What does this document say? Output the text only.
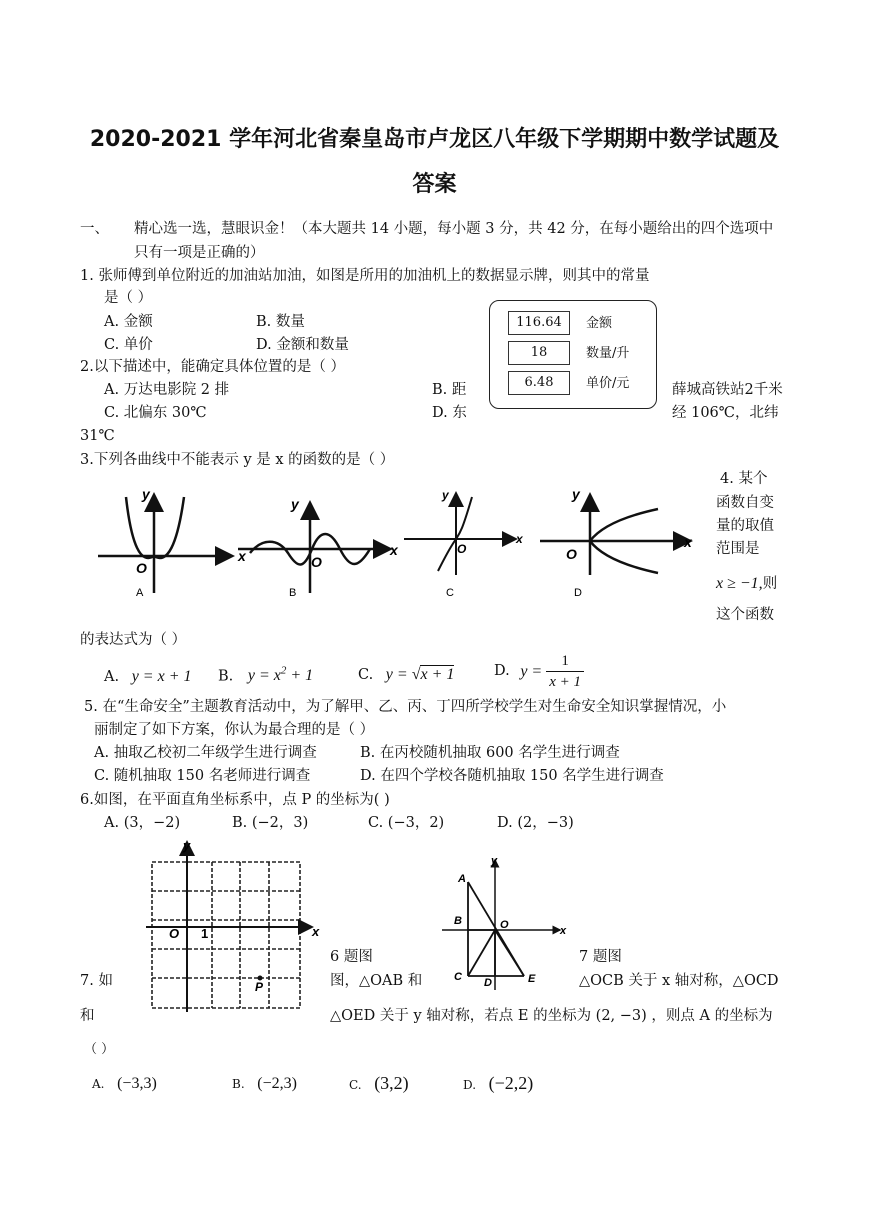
2020-2021 学年河北省秦皇岛市卢龙区八年级下学期期中数学试题及
答案
一、 精心选一选，慧眼识金！（本大题共 14 小题，每小题 3 分，共 42 分，在每小题给出的四个选项中
只有一项是正确的）
1. 张师傅到单位附近的加油站加油，如图是所用的加油机上的数据显示牌，则其中的常量
是（ ）
A. 金额	B. 数量
C. 单价	D. 金额和数量
116.64	金额
18	数量/升
6.48	单价/元
2.以下描述中，能确定具体位置的是（ ）
A. 万达电影院 2 排	B. 距	薛城高铁站2千米
C. 北偏东 30℃	D. 东	经 106℃，北纬
31℃
3.下列各曲线中不能表示 y 是 x 的函数的是（ ）
x
y
O
A
x
y
O
B
x
y
O
C
x
y
O
D
4. 某个
函数自变
量的取值
范围是
x ≥ −1,则
这个函数
的表达式为（ ）
A. y = x + 1 B. $y = x^2 + 1$	C. y = √x + 1	D. $y = \frac{1}{x + 1}$
5. 在“生命安全”主题教育活动中，为了解甲、乙、丙、丁四所学校学生对生命安全知识掌握情况，小
丽制定了如下方案，你认为最合理的是（ ）
A. 抽取乙校初二年级学生进行调查	B. 在丙校随机抽取 600 名学生进行调查
C. 随机抽取 150 名老师进行调查	D. 在四个学校各随机抽取 150 名学生进行调查
6.如图，在平面直角坐标系中，点 P 的坐标为( )
A. (3，−2)	B. (−2，3)	C. (−3，2)	D. (2，−3)
x
y
O 1
P
6 题图
y
x
A
B	O
C D	E
7 题图
7. 如	图，△OAB 和	△OCB 关于 x 轴对称，△OCD
和	△OED 关于 y 轴对称，若点 E 的坐标为 (2, −3) ，则点 A 的坐标为
（ ）
A. (−3,3)	B. (−2,3)	C. (3,2)	D. (−2,2)
